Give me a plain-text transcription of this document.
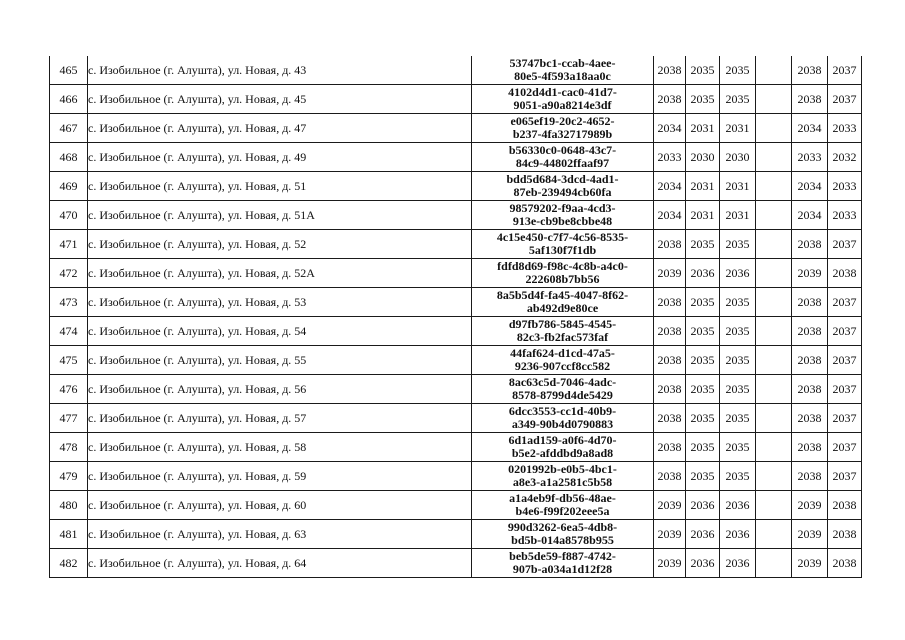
465	с. Изобильное (г. Алушта), ул. Новая, д. 43	53747bc1-ccab-4aee-
80e5-4f593a18aa0c	2038	2035	2035		2038	2037
466	с. Изобильное (г. Алушта), ул. Новая, д. 45	4102d4d1-cac0-41d7-
9051-a90a8214e3df	2038	2035	2035		2038	2037
467	с. Изобильное (г. Алушта), ул. Новая, д. 47	e065ef19-20c2-4652-
b237-4fa32717989b	2034	2031	2031		2034	2033
468	с. Изобильное (г. Алушта), ул. Новая, д. 49	b56330c0-0648-43c7-
84c9-44802ffaaf97	2033	2030	2030		2033	2032
469	с. Изобильное (г. Алушта), ул. Новая, д. 51	bdd5d684-3dcd-4ad1-
87eb-239494cb60fa	2034	2031	2031		2034	2033
470	с. Изобильное (г. Алушта), ул. Новая, д. 51А	98579202-f9aa-4cd3-
913e-cb9be8cbbe48	2034	2031	2031		2034	2033
471	с. Изобильное (г. Алушта), ул. Новая, д. 52	4c15e450-c7f7-4c56-8535-
5af130f7f1db	2038	2035	2035		2038	2037
472	с. Изобильное (г. Алушта), ул. Новая, д. 52А	fdfd8d69-f98c-4c8b-a4c0-
222608b7bb56	2039	2036	2036		2039	2038
473	с. Изобильное (г. Алушта), ул. Новая, д. 53	8a5b5d4f-fa45-4047-8f62-
ab492d9e80ce	2038	2035	2035		2038	2037
474	с. Изобильное (г. Алушта), ул. Новая, д. 54	d97fb786-5845-4545-
82c3-fb2fac573faf	2038	2035	2035		2038	2037
475	с. Изобильное (г. Алушта), ул. Новая, д. 55	44faf624-d1cd-47a5-
9236-907ccf8cc582	2038	2035	2035		2038	2037
476	с. Изобильное (г. Алушта), ул. Новая, д. 56	8ac63c5d-7046-4adc-
8578-8799d4de5429	2038	2035	2035		2038	2037
477	с. Изобильное (г. Алушта), ул. Новая, д. 57	6dcc3553-cc1d-40b9-
a349-90b4d0790883	2038	2035	2035		2038	2037
478	с. Изобильное (г. Алушта), ул. Новая, д. 58	6d1ad159-a0f6-4d70-
b5e2-afddbd9a8ad8	2038	2035	2035		2038	2037
479	с. Изобильное (г. Алушта), ул. Новая, д. 59	0201992b-e0b5-4bc1-
a8e3-a1a2581c5b58	2038	2035	2035		2038	2037
480	с. Изобильное (г. Алушта), ул. Новая, д. 60	a1a4eb9f-db56-48ae-
b4e6-f99f202eee5a	2039	2036	2036		2039	2038
481	с. Изобильное (г. Алушта), ул. Новая, д. 63	990d3262-6ea5-4db8-
bd5b-014a8578b955	2039	2036	2036		2039	2038
482	с. Изобильное (г. Алушта), ул. Новая, д. 64	beb5de59-f887-4742-
907b-a034a1d12f28	2039	2036	2036		2039	2038
